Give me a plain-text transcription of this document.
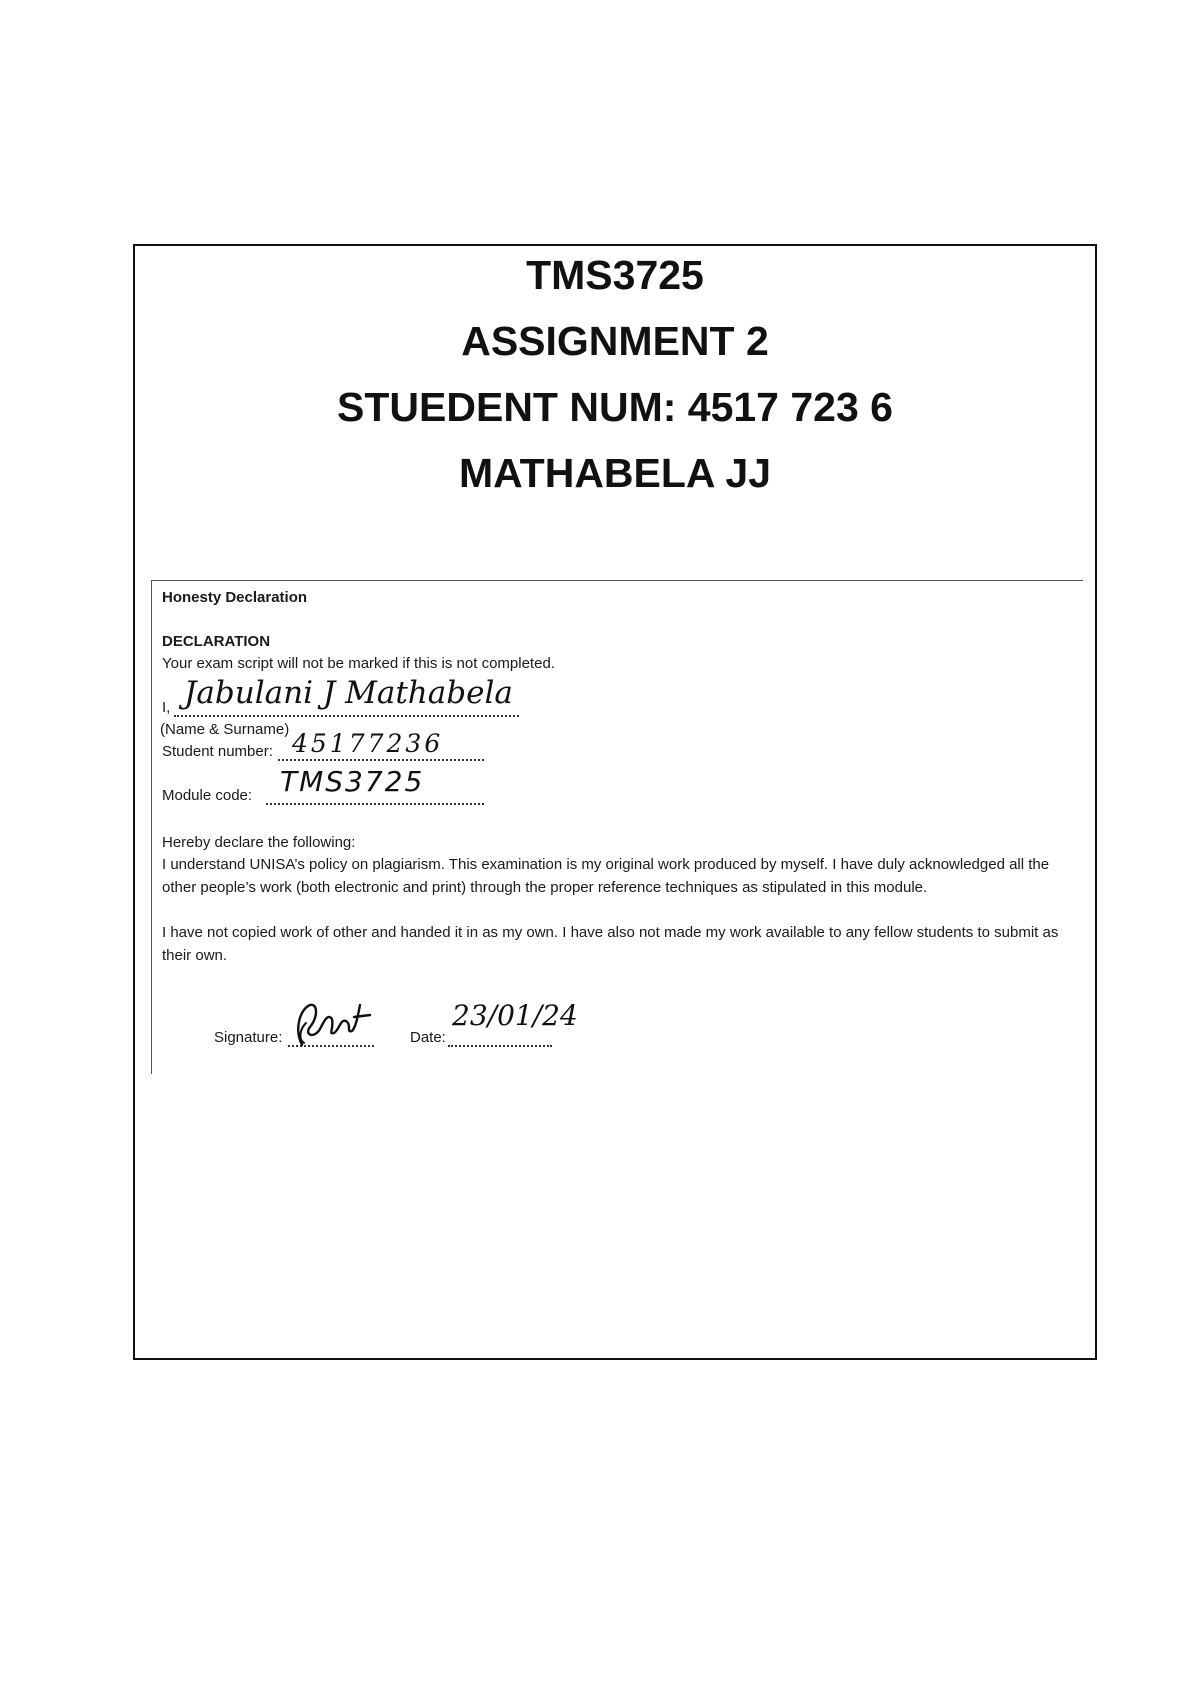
TMS3725
ASSIGNMENT 2
STUEDENT NUM: 4517 723 6
MATHABELA JJ
Honesty Declaration
DECLARATION
Your exam script will not be marked if this is not completed.
I, Jabulani J Mathabela
(Name & Surname)
Student number: 45177236
Module code: TMS3725
Hereby declare the following:
I understand UNISA’s policy on plagiarism. This examination is my original work produced by myself. I have duly acknowledged all the other people’s work (both electronic and print) through the proper reference techniques as stipulated in this module.
I have not copied work of other and handed it in as my own. I have also not made my work available to any fellow students to submit as their own.
Signature:	Date:
23/01/24
